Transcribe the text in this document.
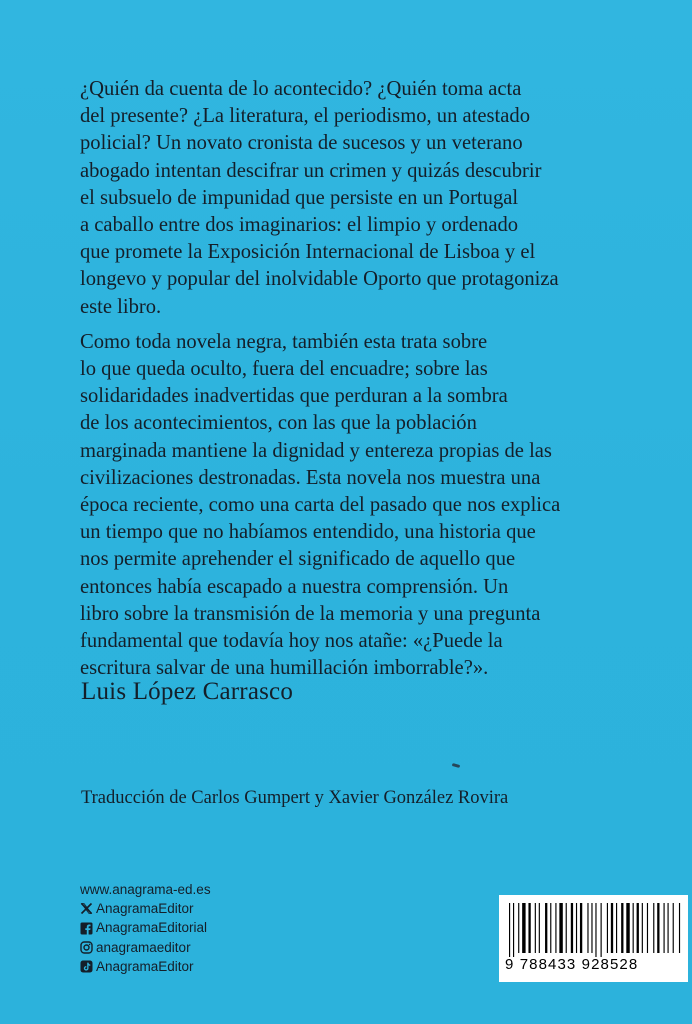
¿Quién da cuenta de lo acontecido? ¿Quién toma acta
del presente? ¿La literatura, el periodismo, un atestado
policial? Un novato cronista de sucesos y un veterano
abogado intentan descifrar un crimen y quizás descubrir
el subsuelo de impunidad que persiste en un Portugal
a caballo entre dos imaginarios: el limpio y ordenado
que promete la Exposición Internacional de Lisboa y el
longevo y popular del inolvidable Oporto que protagoniza
este libro.

Como toda novela negra, también esta trata sobre
lo que queda oculto, fuera del encuadre; sobre las
solidaridades inadvertidas que perduran a la sombra
de los acontecimientos, con las que la población
marginada mantiene la dignidad y entereza propias de las
civilizaciones destronadas. Esta novela nos muestra una
época reciente, como una carta del pasado que nos explica
un tiempo que no habíamos entendido, una historia que
nos permite aprehender el significado de aquello que
entonces había escapado a nuestra comprensión. Un
libro sobre la transmisión de la memoria y una pregunta
fundamental que todavía hoy nos atañe: «¿Puede la
escritura salvar de una humillación imborrable?».

Luis López Carrasco
Traducción de Carlos Gumpert y Xavier González Rovira
www.anagrama-ed.es
AnagramaEditor
AnagramaEditorial
anagramaeditor
AnagramaEditor	9 788433 928528
